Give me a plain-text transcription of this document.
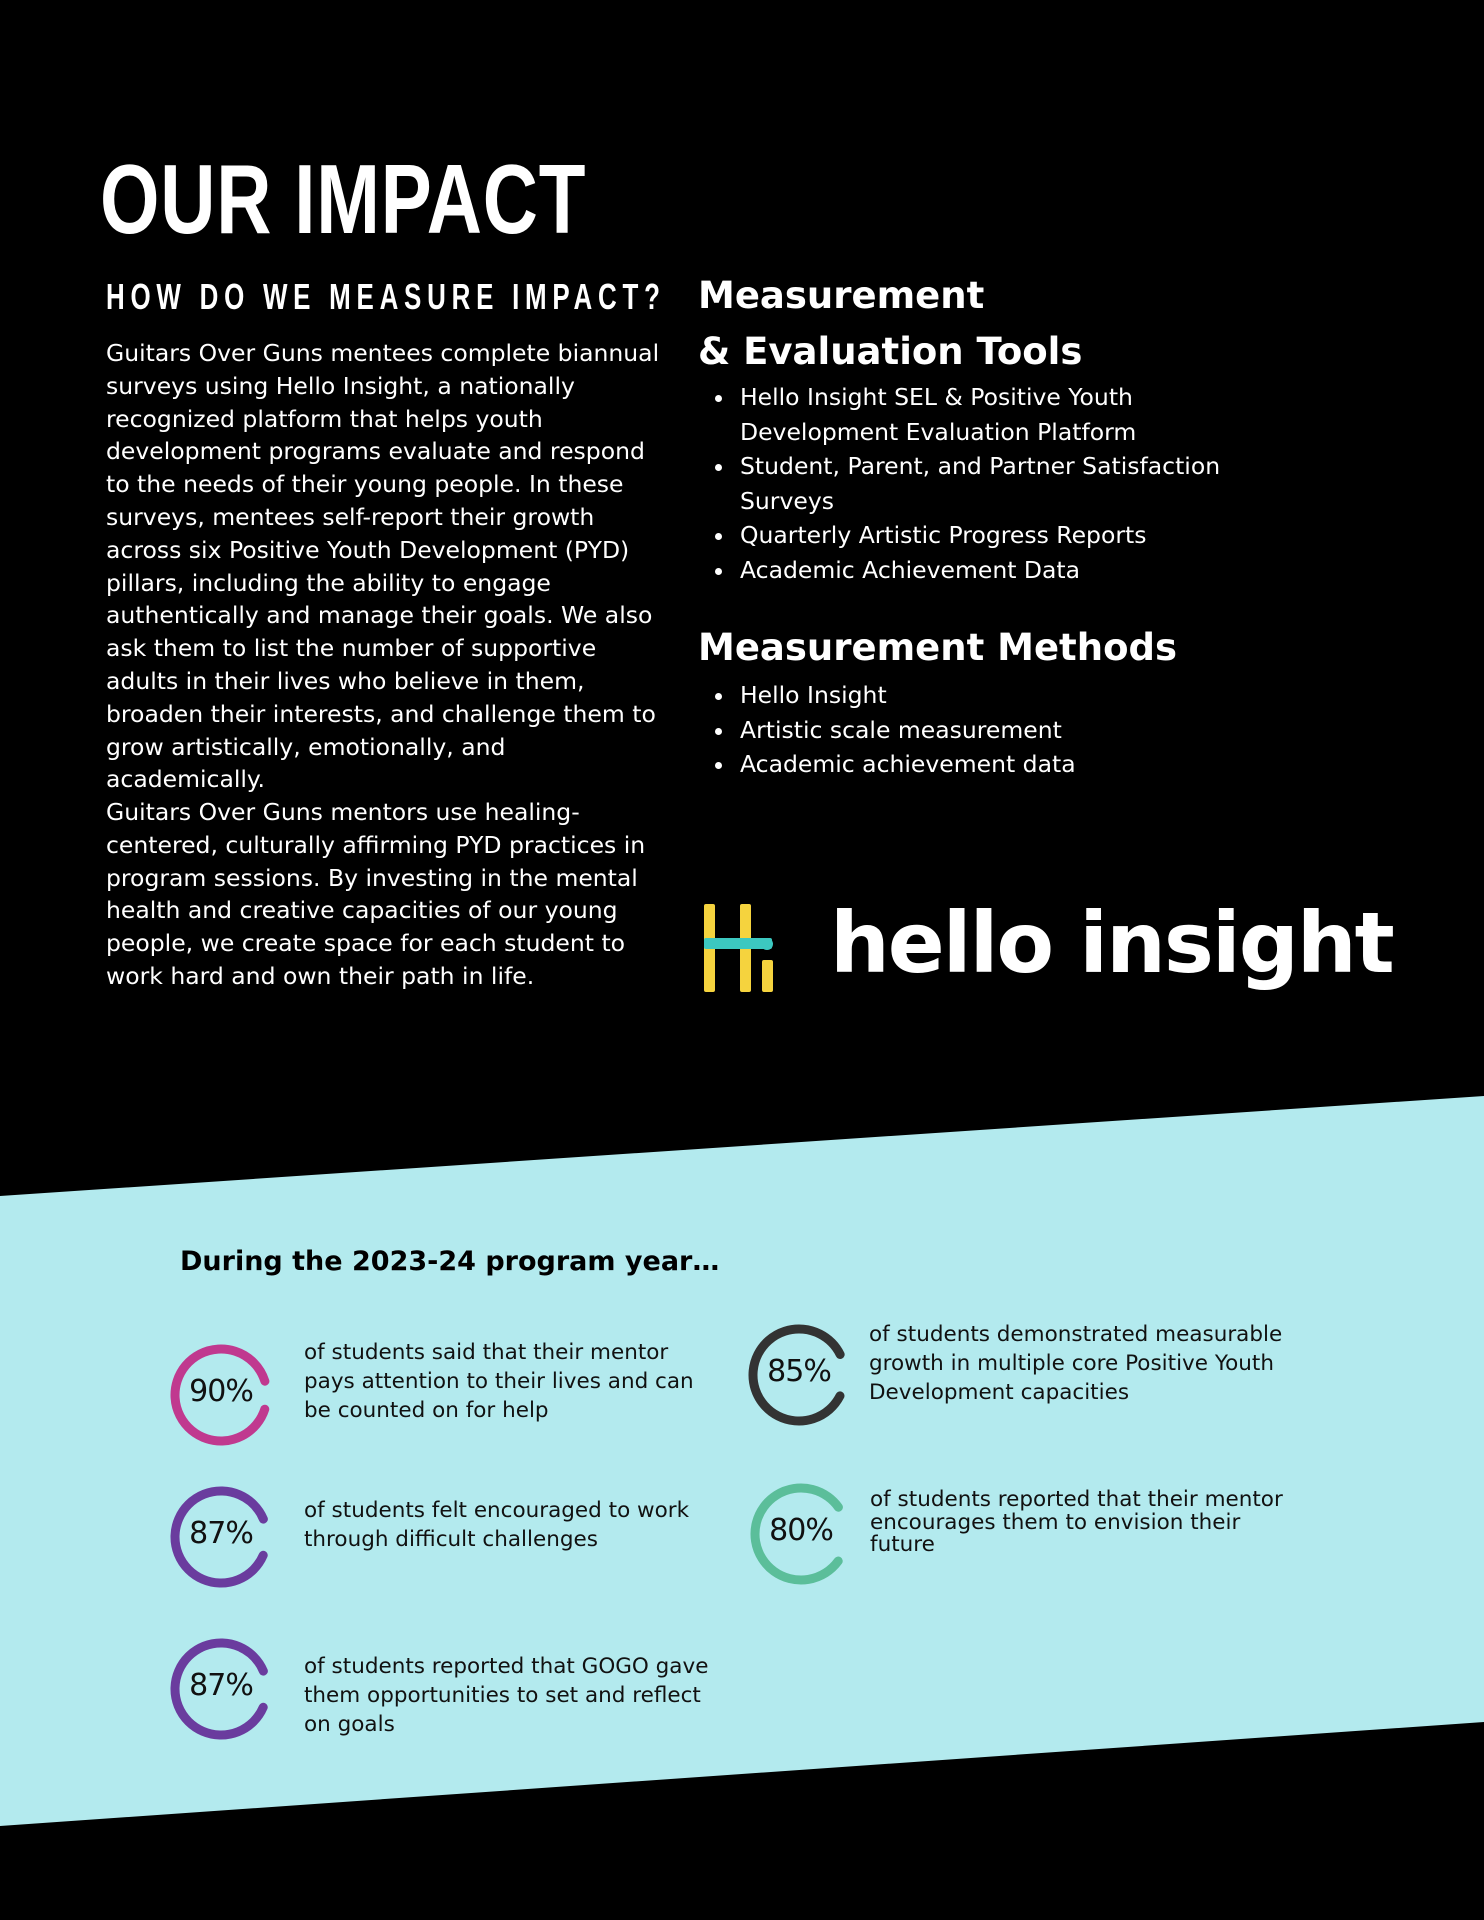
OUR IMPACT
HOW DO WE MEASURE IMPACT?

Guitars Over Guns mentees complete biannual surveys using Hello Insight, a nationally recognized platform that helps youth development programs evaluate and respond to the needs of their young people. In these surveys, mentees self-report their growth across six Positive Youth Development (PYD) pillars, including the ability to engage authentically and manage their goals. We also ask them to list the number of supportive adults in their lives who believe in them, broaden their interests, and challenge them to grow artistically, emotionally, and academically.

Guitars Over Guns mentors use healing-centered, culturally affirming PYD practices in program sessions. By investing in the mental health and creative capacities of our young people, we create space for each student to work hard and own their path in life.

Measurement
& Evaluation Tools
Hello Insight SEL & Positive Youth Development Evaluation Platform
Student, Parent, and Partner Satisfaction Surveys
Quarterly Artistic Progress Reports
Academic Achievement Data
Measurement Methods
Hello Insight
Artistic scale measurement
Academic achievement data
hello insight
During the 2023-24 program year…
90%
of students said that their mentor pays attention to their lives and can be counted on for help
87%
of students felt encouraged to work through difficult challenges
87%
of students reported that GOGO gave them opportunities to set and reflect on goals
85%
of students demonstrated measurable growth in multiple core Positive Youth Development capacities
80%
of students reported that their mentor encourages them to envision their future
